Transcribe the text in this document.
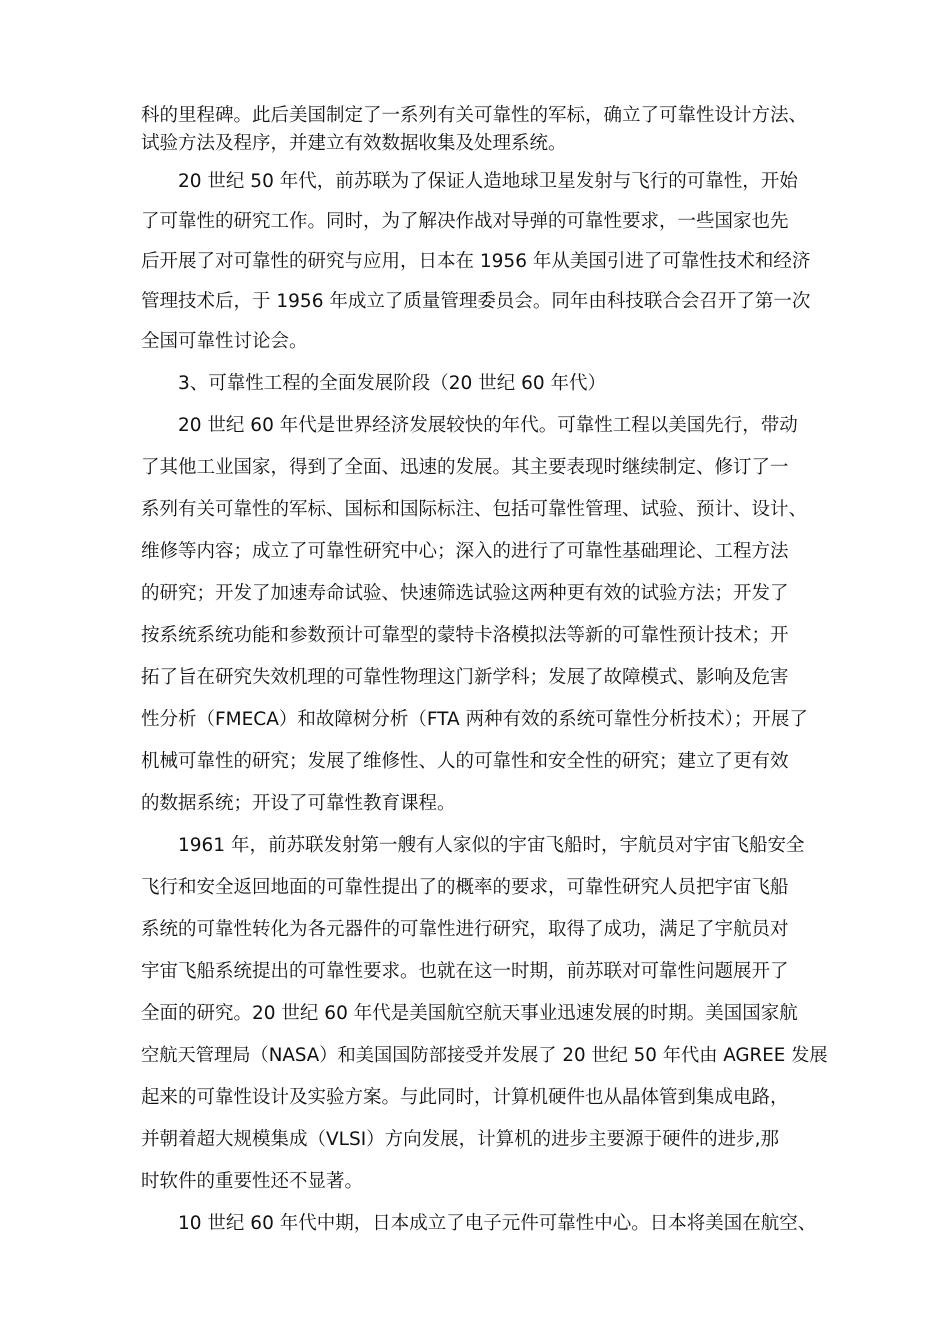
科的里程碑。此后美国制定了一系列有关可靠性的军标，确立了可靠性设计方法、
试验方法及程序，并建立有效数据收集及处理系统。
20 世纪 50 年代，前苏联为了保证人造地球卫星发射与飞行的可靠性，开始
了可靠性的研究工作。同时，为了解决作战对导弹的可靠性要求，一些国家也先
后开展了对可靠性的研究与应用，日本在 1956 年从美国引进了可靠性技术和经济
管理技术后，于 1956 年成立了质量管理委员会。同年由科技联合会召开了第一次
全国可靠性讨论会。
3、可靠性工程的全面发展阶段（20 世纪 60 年代）
20 世纪 60 年代是世界经济发展较快的年代。可靠性工程以美国先行，带动
了其他工业国家，得到了全面、迅速的发展。其主要表现时继续制定、修订了一
系列有关可靠性的军标、国标和国际标注、包括可靠性管理、试验、预计、设计、
维修等内容；成立了可靠性研究中心；深入的进行了可靠性基础理论、工程方法
的研究；开发了加速寿命试验、快速筛选试验这两种更有效的试验方法；开发了
按系统系统功能和参数预计可靠型的蒙特卡洛模拟法等新的可靠性预计技术；开
拓了旨在研究失效机理的可靠性物理这门新学科；发展了故障模式、影响及危害
性分析（FMECA）和故障树分析（FTA 两种有效的系统可靠性分析技术）；开展了
机械可靠性的研究；发展了维修性、人的可靠性和安全性的研究；建立了更有效
的数据系统；开设了可靠性教育课程。
1961 年，前苏联发射第一艘有人家似的宇宙飞船时，宇航员对宇宙飞船安全
飞行和安全返回地面的可靠性提出了的概率的要求，可靠性研究人员把宇宙飞船
系统的可靠性转化为各元器件的可靠性进行研究，取得了成功，满足了宇航员对
宇宙飞船系统提出的可靠性要求。也就在这一时期，前苏联对可靠性问题展开了
全面的研究。20 世纪 60 年代是美国航空航天事业迅速发展的时期。美国国家航
空航天管理局（NASA）和美国国防部接受并发展了 20 世纪 50 年代由 AGREE 发展
起来的可靠性设计及实验方案。与此同时，计算机硬件也从晶体管到集成电路，
并朝着超大规模集成（VLSI）方向发展，计算机的进步主要源于硬件的进步,那
时软件的重要性还不显著。
10 世纪 60 年代中期，日本成立了电子元件可靠性中心。日本将美国在航空、
